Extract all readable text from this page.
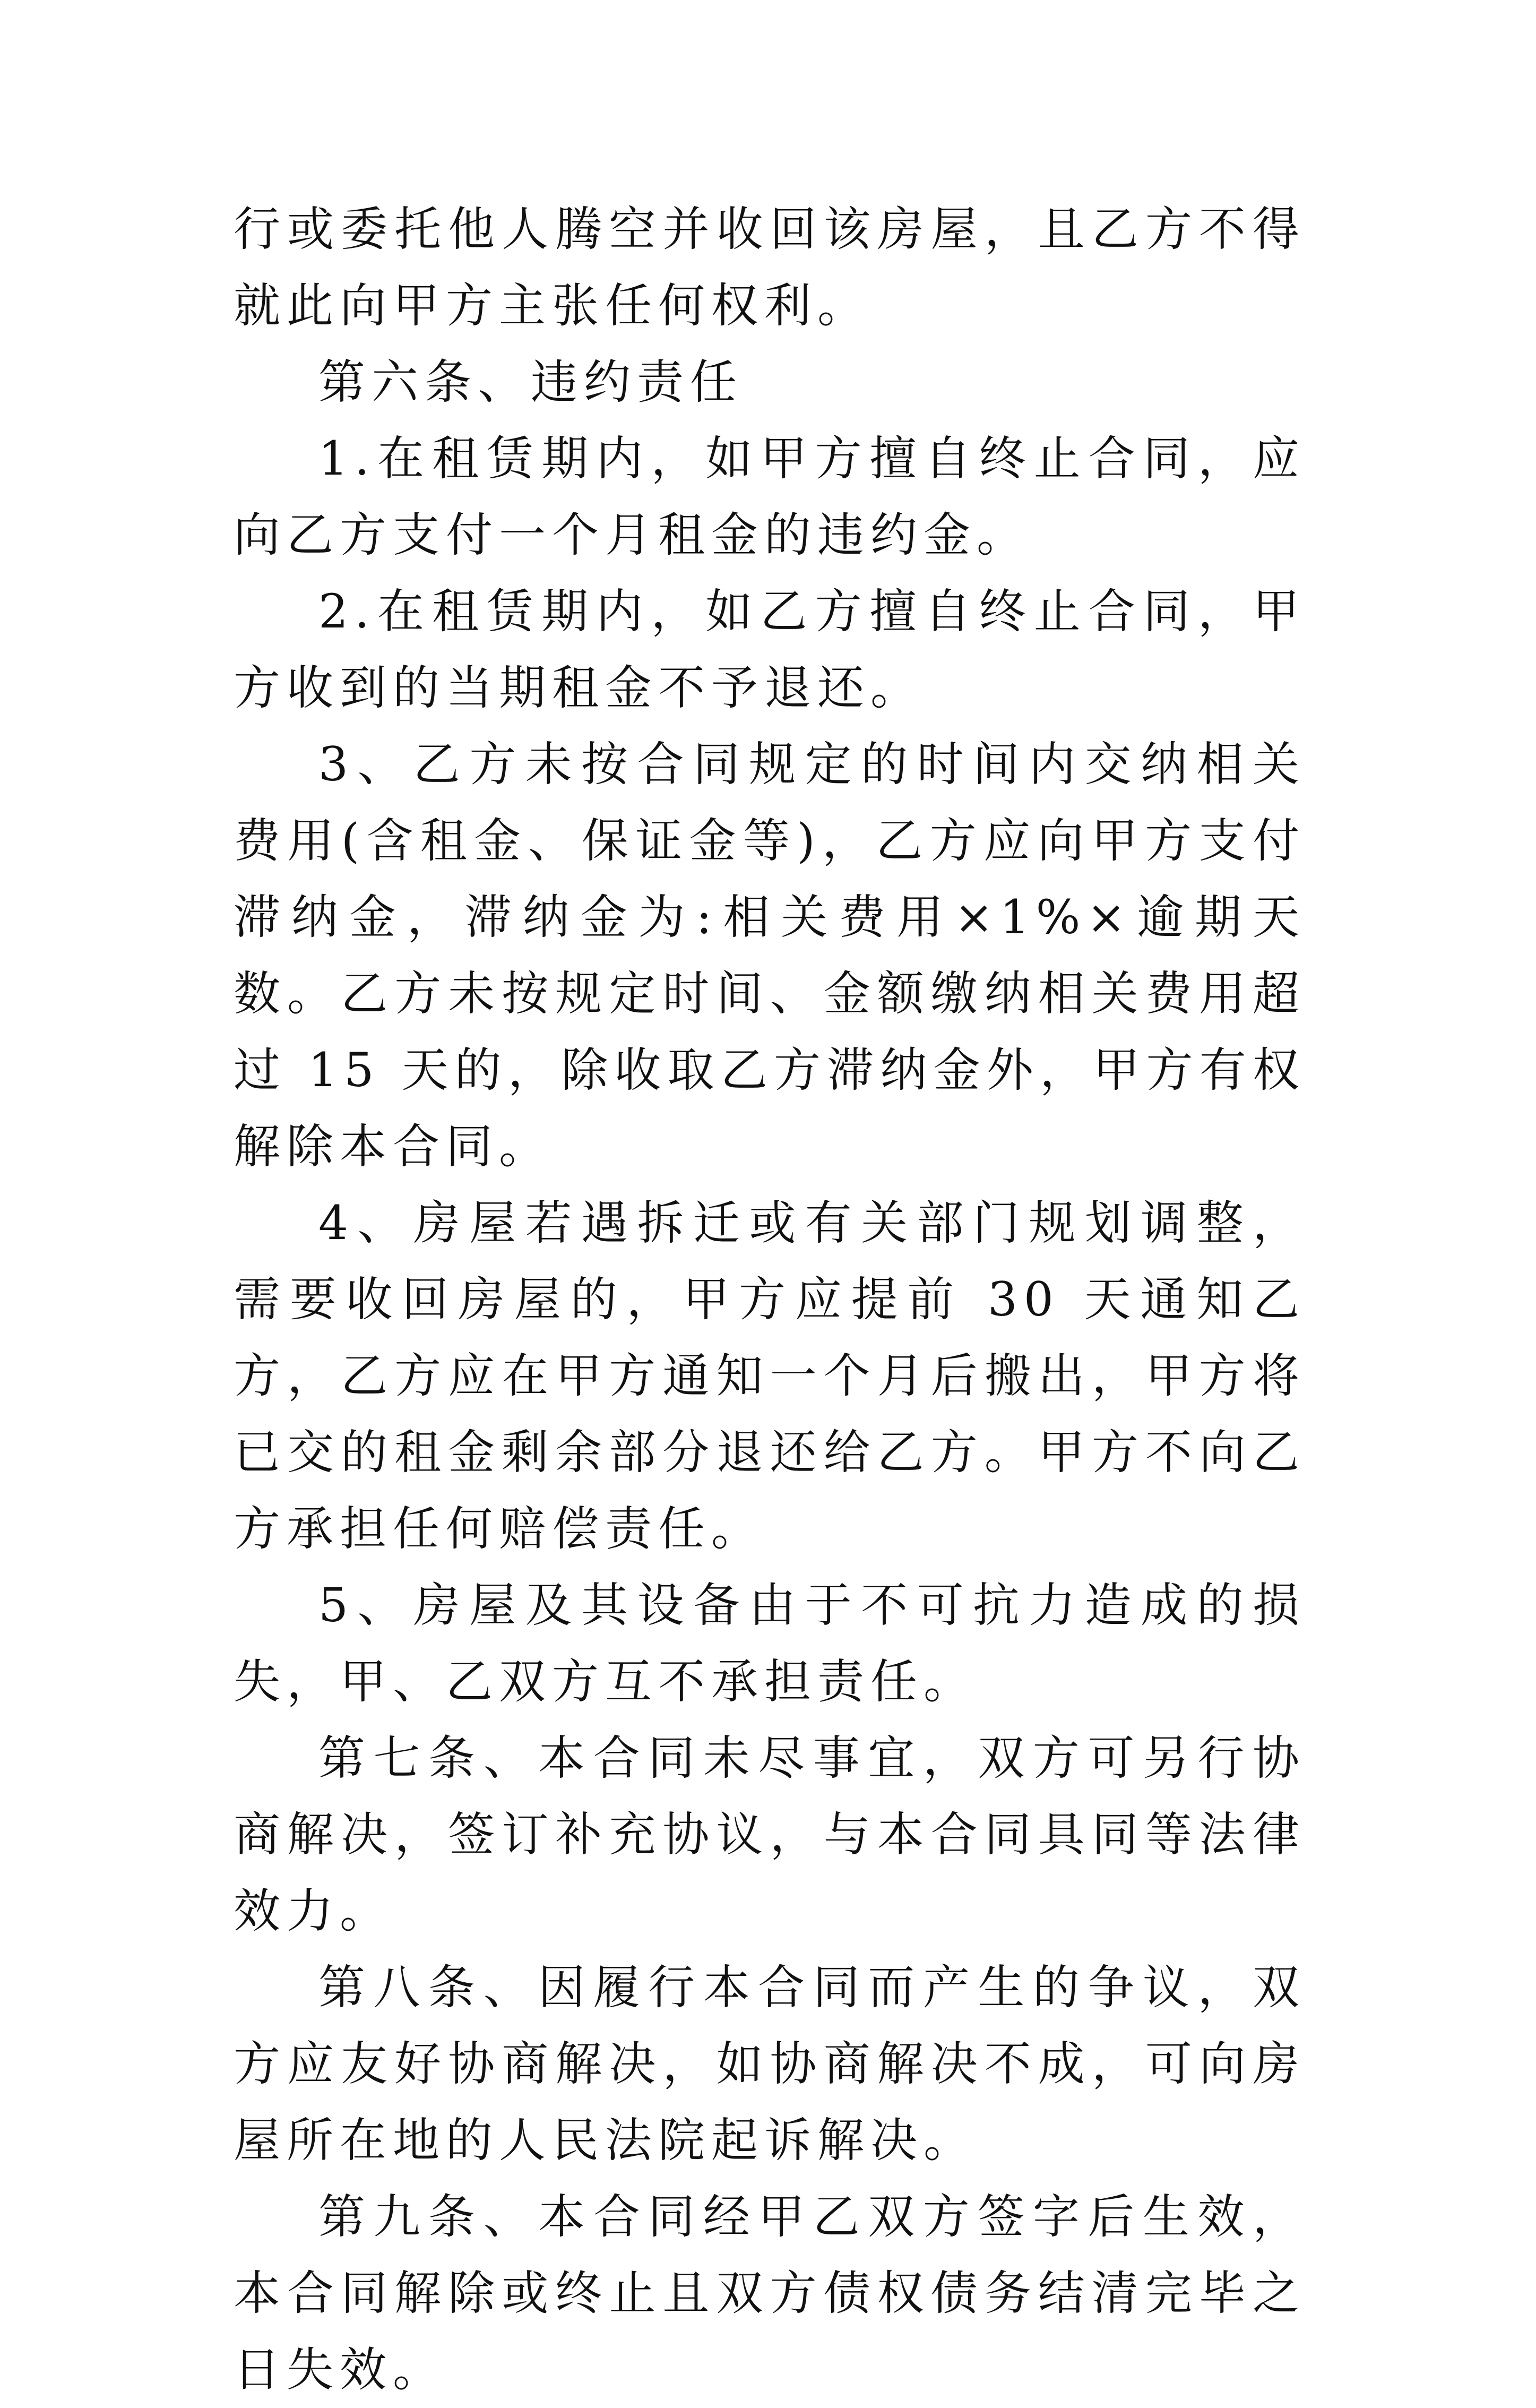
行或委托他人腾空并收回该房屋，且乙方不得就此向甲方主张任何权利。

第六条、违约责任

1.在租赁期内，如甲方擅自终止合同，应向乙方支付一个月租金的违约金。

2.在租赁期内，如乙方擅自终止合同，甲方收到的当期租金不予退还。

3、乙方未按合同规定的时间内交纳相关费用(含租金、保证金等)，乙方应向甲方支付滞纳金，滞纳金为:相关费用×1%×逾期天数。乙方未按规定时间、金额缴纳相关费用超过 15 天的，除收取乙方滞纳金外，甲方有权解除本合同。

4、房屋若遇拆迁或有关部门规划调整，需要收回房屋的，甲方应提前 30 天通知乙方，乙方应在甲方通知一个月后搬出，甲方将已交的租金剩余部分退还给乙方。甲方不向乙方承担任何赔偿责任。

5、房屋及其设备由于不可抗力造成的损失，甲、乙双方互不承担责任。

第七条、本合同未尽事宜，双方可另行协商解决，签订补充协议，与本合同具同等法律效力。

第八条、因履行本合同而产生的争议，双方应友好协商解决，如协商解决不成，可向房屋所在地的人民法院起诉解决。

第九条、本合同经甲乙双方签字后生效，本合同解除或终止且双方债权债务结清完毕之日失效。
